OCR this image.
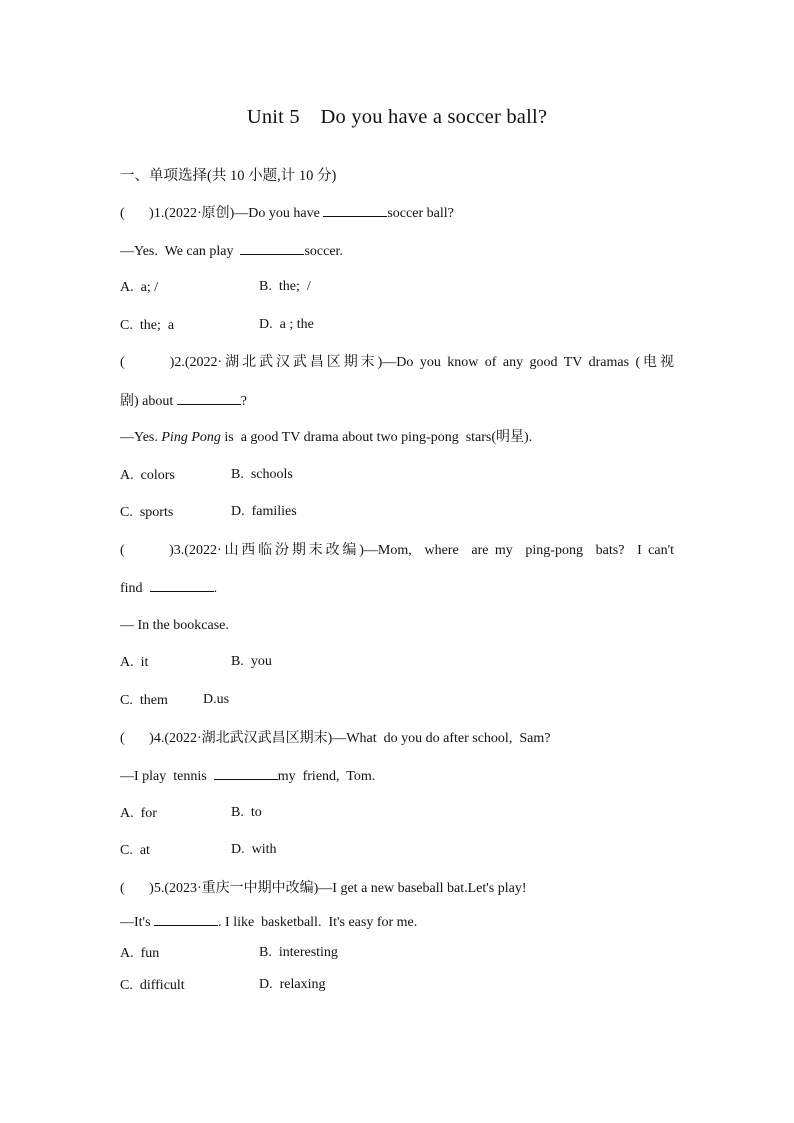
Unit 5　Do you have a soccer ball?
一、单项选择(共 10 小题,计 10 分)
(       )1.(2022·原创)—Do you have	soccer ball?
—Yes.  We can play	soccer.
A.  a; /	B.  the;  /
C.  the;  a	D.  a ; the
(       )2.(2022·湖北武汉武昌区期末)—Do you know of any good TV dramas (电视
剧) about	?
—Yes. Ping Pong is  a good TV drama about two ping-pong  stars(明星).
A.  colors	B.  schools
C.  sports	D.  families
(       )3.(2022·山西临汾期末改编)—Mom,  where  are my  ping-pong  bats?  I can't
find	.
— In the bookcase.
A.  it	B.  you
C.  them	D.us
(       )4.(2022·湖北武汉武昌区期末)—What  do you do after school,  Sam?
—I play  tennis	my  friend,  Tom.
A.  for	B.  to
C.  at	D.  with
(       )5.(2023·重庆一中期中改编)—I get a new baseball bat.Let's play!
—It's	. I like  basketball.  It's easy for me.
A.  fun	B.  interesting
C.  difficult	D.  relaxing
